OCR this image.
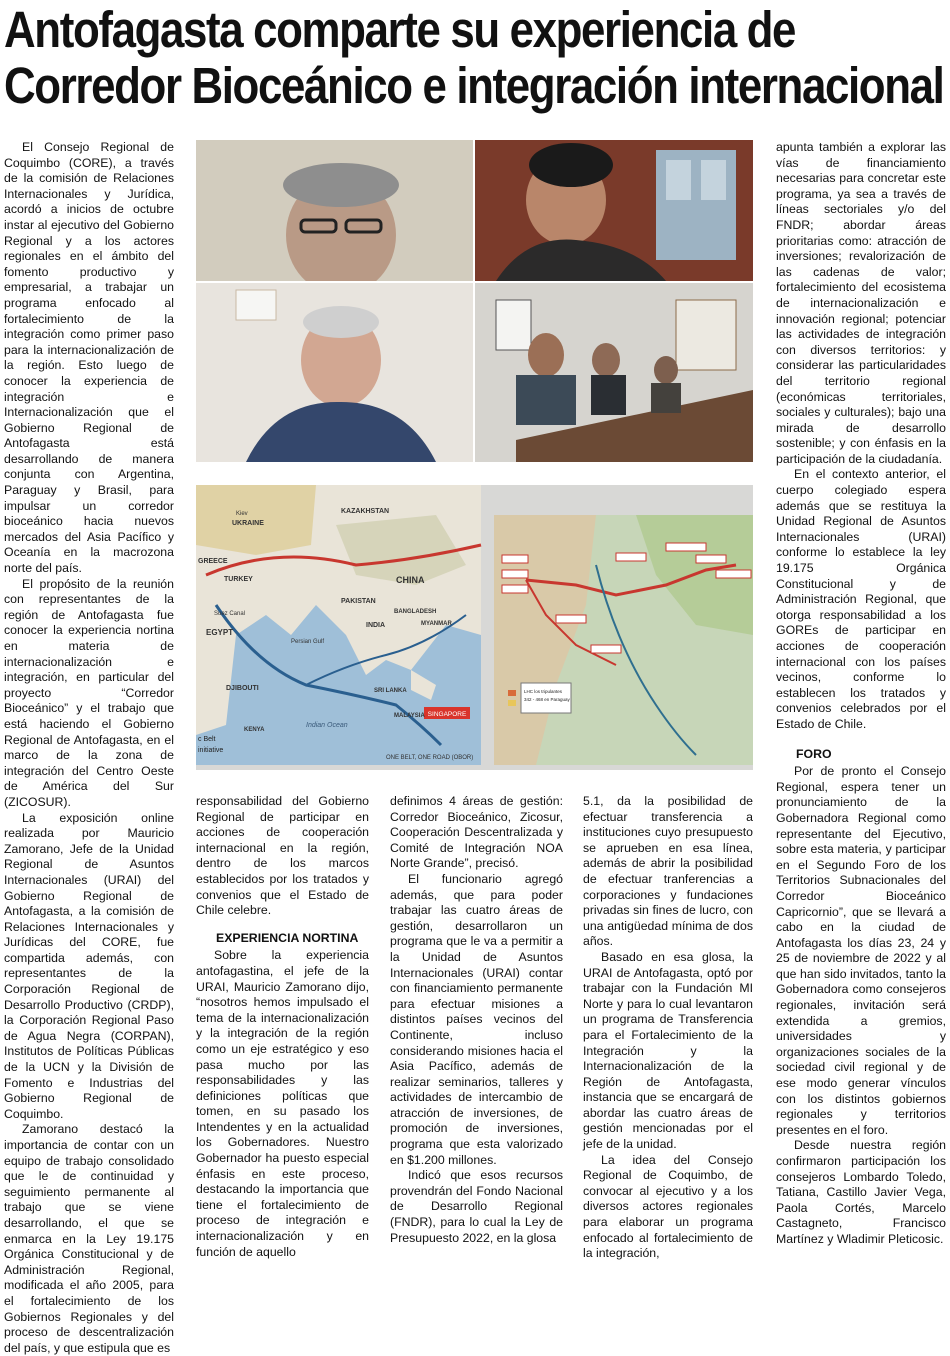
Antofagasta comparte su experiencia de
Corredor Bioceánico e integración internacional

El Consejo Regional de Coquimbo (CORE), a través de la comisión de Relaciones Internacionales y Jurídica, acordó a inicios de octubre instar al ejecutivo del Gobierno Regional y a los actores regionales en el ámbito del fomento productivo y empresarial, a trabajar un programa enfocado al fortalecimiento de la integración como primer paso para la internacionalización de la región. Esto luego de conocer la experiencia de integración e Internacionalización que el Gobierno Regional de Antofagasta está desarrollando de manera conjunta con Argentina, Paraguay y Brasil, para impulsar un corredor bioceánico hacia nuevos mercados del Asia Pacífico y Oceanía en la macrozona norte del país.

El propósito de la reunión con representantes de la región de Antofagasta fue conocer la experiencia nortina en materia de internacionalización e integración, en particular del proyecto “Corredor Bioceánico” y el trabajo que está haciendo el Gobierno Regional de Antofagasta, en el marco de la zona de integración del Centro Oeste de América del Sur (ZICOSUR).

La exposición online realizada por Mauricio Zamorano, Jefe de la Unidad Regional de Asuntos Internacionales (URAI) del Gobierno Regional de Antofagasta, a la comisión de Relaciones Internacionales y Jurídicas del CORE, fue compartida además, con representantes de la Corporación Regional de Desarrollo Productivo (CRDP), la Corporación Regional Paso de Agua Negra (CORPAN), Institutos de Políticas Públicas de la UCN y la División de Fomento e Industrias del Gobierno Regional de Coquimbo.

Zamorano destacó la importancia de contar con un equipo de trabajo consolidado que le de continuidad y seguimiento permanente al trabajo que se viene desarrollando, el que se enmarca en la Ley 19.175 Orgánica Constitucional y de Administración Regional, modificada el año 2005, para el fortalecimiento de los Gobiernos Regionales y del proceso de descentralización del país, y que estipula que es

SINGAPORE
KAZAKHSTAN
Kiev
UKRAINE
GREECE
TURKEY	CHINA
PAKISTAN
INDIA
BANGLADESH
MYANMAR
Suez Canal
EGYPT
Persian Gulf
DJIBOUTI	SRI LANKA
MALAYSIA
KENYA
Indian Ocean
c Belt
initiative
ONE BELT, ONE ROAD (OBOR)
LHC los tripulantes
342 - 468 en Paraguay

responsabilidad del Gobierno Regional de participar en acciones de cooperación internacional en la región, dentro de los marcos establecidos por los tratados y convenios que el Estado de Chile celebre.

EXPERIENCIA NORTINA

Sobre la experiencia antofagastina, el jefe de la URAI, Mauricio Zamorano dijo, “nosotros hemos impulsado el tema de la internacionalización y la integración de la región como un eje estratégico y eso pasa mucho por las responsabilidades y las definiciones políticas que tomen, en su pasado los Intendentes y en la actualidad los Gobernadores. Nuestro Gobernador ha puesto especial énfasis en este proceso, destacando la importancia que tiene el fortalecimiento de proceso de integración e internacionalización y en función de aquello

definimos 4 áreas de gestión: Corredor Bioceánico, Zicosur, Cooperación Descentralizada y Comité de Integración NOA Norte Grande”, precisó.

El funcionario agregó además, que para poder trabajar las cuatro áreas de gestión, desarrollaron un programa que le va a permitir a la Unidad de Asuntos Internacionales (URAI) contar con financiamiento permanente para efectuar misiones a distintos países vecinos del Continente, incluso considerando misiones hacia el Asia Pacífico, además de realizar seminarios, talleres y actividades de intercambio de atracción de inversiones, de promoción de inversiones, programa que esta valorizado en $1.200 millones.

Indicó que esos recursos provendrán del Fondo Nacional de Desarrollo Regional (FNDR), para lo cual la Ley de Presupuesto 2022, en la glosa

5.1, da la posibilidad de efectuar transferencia a instituciones cuyo presupuesto se aprueben en esa línea, además de abrir la posibilidad de efectuar tranferencias a corporaciones y fundaciones privadas sin fines de lucro, con una antigüedad mínima de dos años.

Basado en esa glosa, la URAI de Antofagasta, optó por trabajar con la Fundación MI Norte y para lo cual levantaron un programa de Transferencia para el Fortalecimiento de la Integración y la Internacionalización de la Región de Antofagasta, instancia que se encargará de abordar las cuatro áreas de gestión mencionadas por el jefe de la unidad.

La idea del Consejo Regional de Coquimbo, de convocar al ejecutivo y a los diversos actores regionales para elaborar un programa enfocado al fortalecimiento de la integración,

apunta también a explorar las vías de financiamiento necesarias para concretar este programa, ya sea a través de líneas sectoriales y/o del FNDR; abordar áreas prioritarias como: atracción de inversiones; revalorización de las cadenas de valor; fortalecimiento del ecosistema de internacionalización e innovación regional; potenciar las actividades de integración con diversos territorios: y considerar las particularidades del territorio regional (económicas territoriales, sociales y culturales); bajo una mirada de desarrollo sostenible; y con énfasis en la participación de la ciudadanía.

En el contexto anterior, el cuerpo colegiado espera además que se restituya la Unidad Regional de Asuntos Internacionales (URAI) conforme lo establece la ley 19.175 Orgánica Constitucional y de Administración Regional, que otorga responsabilidad a los GOREs de participar en acciones de cooperación internacional con los países vecinos, conforme lo establecen los tratados y convenios celebrados por el Estado de Chile.

FORO

Por de pronto el Consejo Regional, espera tener un pronunciamiento de la Gobernadora Regional como representante del Ejecutivo, sobre esta materia, y participar en el Segundo Foro de los Territorios Subnacionales del Corredor Bioceánico Capricornio”, que se llevará a cabo en la ciudad de Antofagasta los días 23, 24 y 25 de noviembre de 2022 y al que han sido invitados, tanto la Gobernadora como consejeros regionales, invitación será extendida a gremios, universidades y organizaciones sociales de la sociedad civil regional y de ese modo generar vínculos con los distintos gobiernos regionales y territorios presentes en el foro.

Desde nuestra región confirmaron participación los consejeros Lombardo Toledo, Tatiana, Castillo Javier Vega, Paola Cortés, Marcelo Castagneto, Francisco Martínez y Wladimir Pleticosic.
